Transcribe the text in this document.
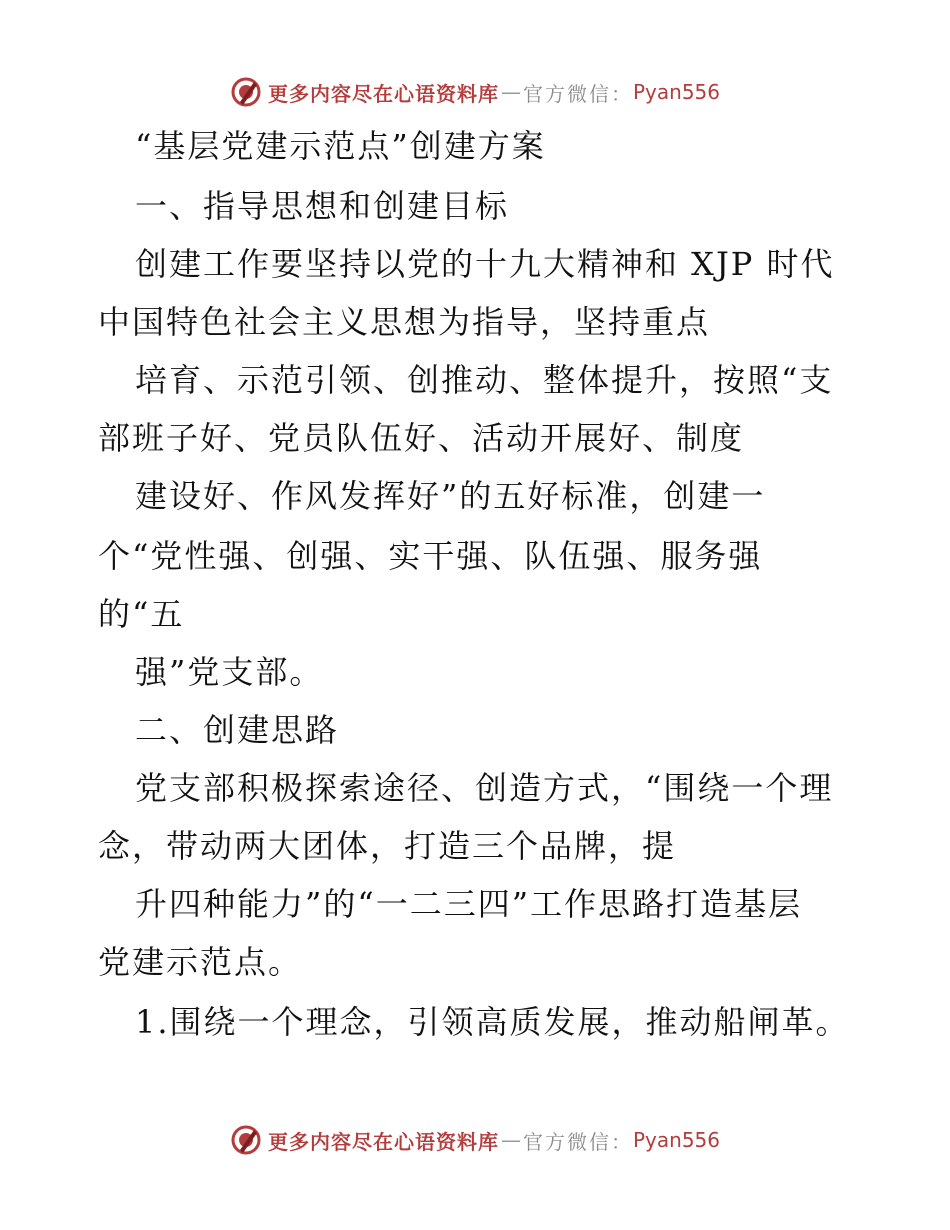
更多内容尽在心语资料库 — 官方微信： Pyan556
“基层党建示范点”创建方案
一、指导思想和创建目标
创建工作要坚持以党的十九大精神和 XJP 时代
中国特色社会主义思想为指导，坚持重点
培育、示范引领、创推动、整体提升，按照“支
部班子好、党员队伍好、活动开展好、制度
建设好、作风发挥好”的五好标准，创建一
个“党性强、创强、实干强、队伍强、服务强
的“五
强”党支部。
二、创建思路
党支部积极探索途径、创造方式，“围绕一个理
念，带动两大团体，打造三个品牌，提
升四种能力”的“一二三四”工作思路打造基层
党建示范点。
1.围绕一个理念，引领高质发展，推动船闸革。
更多内容尽在心语资料库 — 官方微信： Pyan556
